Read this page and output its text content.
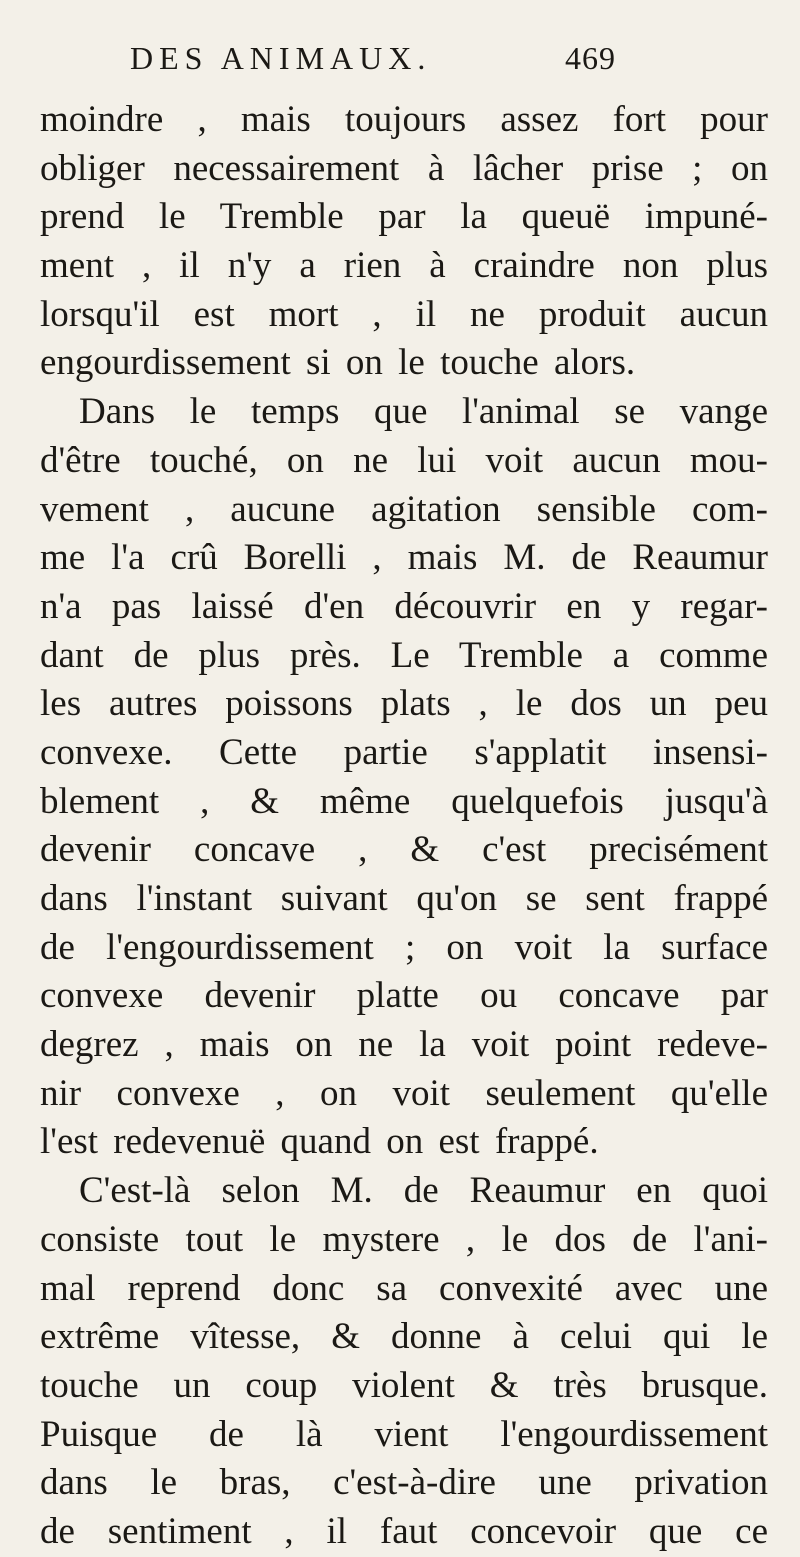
DES ANIMAUX.	469
moindre , mais toujours assez fort pour
obliger necessairement à lâcher prise ; on
prend le Tremble par la queuë impuné-
ment , il n'y a rien à craindre non plus
lorsqu'il est mort , il ne produit aucun
engourdissement si on le touche alors.
Dans le temps que l'animal se vange
d'être touché, on ne lui voit aucun mou-
vement , aucune agitation sensible com-
me l'a crû Borelli , mais M. de Reaumur
n'a pas laissé d'en découvrir en y regar-
dant de plus près. Le Tremble a comme
les autres poissons plats , le dos un peu
convexe. Cette partie s'applatit insensi-
blement , & même quelquefois jusqu'à
devenir concave , & c'est precisément
dans l'instant suivant qu'on se sent frappé
de l'engourdissement ; on voit la surface
convexe devenir platte ou concave par
degrez , mais on ne la voit point redeve-
nir convexe , on voit seulement qu'elle
l'est redevenuë quand on est frappé.
C'est-là selon M. de Reaumur en quoi
consiste tout le mystere , le dos de l'ani-
mal reprend donc sa convexité avec une
extrême vîtesse, & donne à celui qui le
touche un coup violent & très brusque.
Puisque de là vient l'engourdissement
dans le bras, c'est-à-dire une privation
de sentiment , il faut concevoir que ce
